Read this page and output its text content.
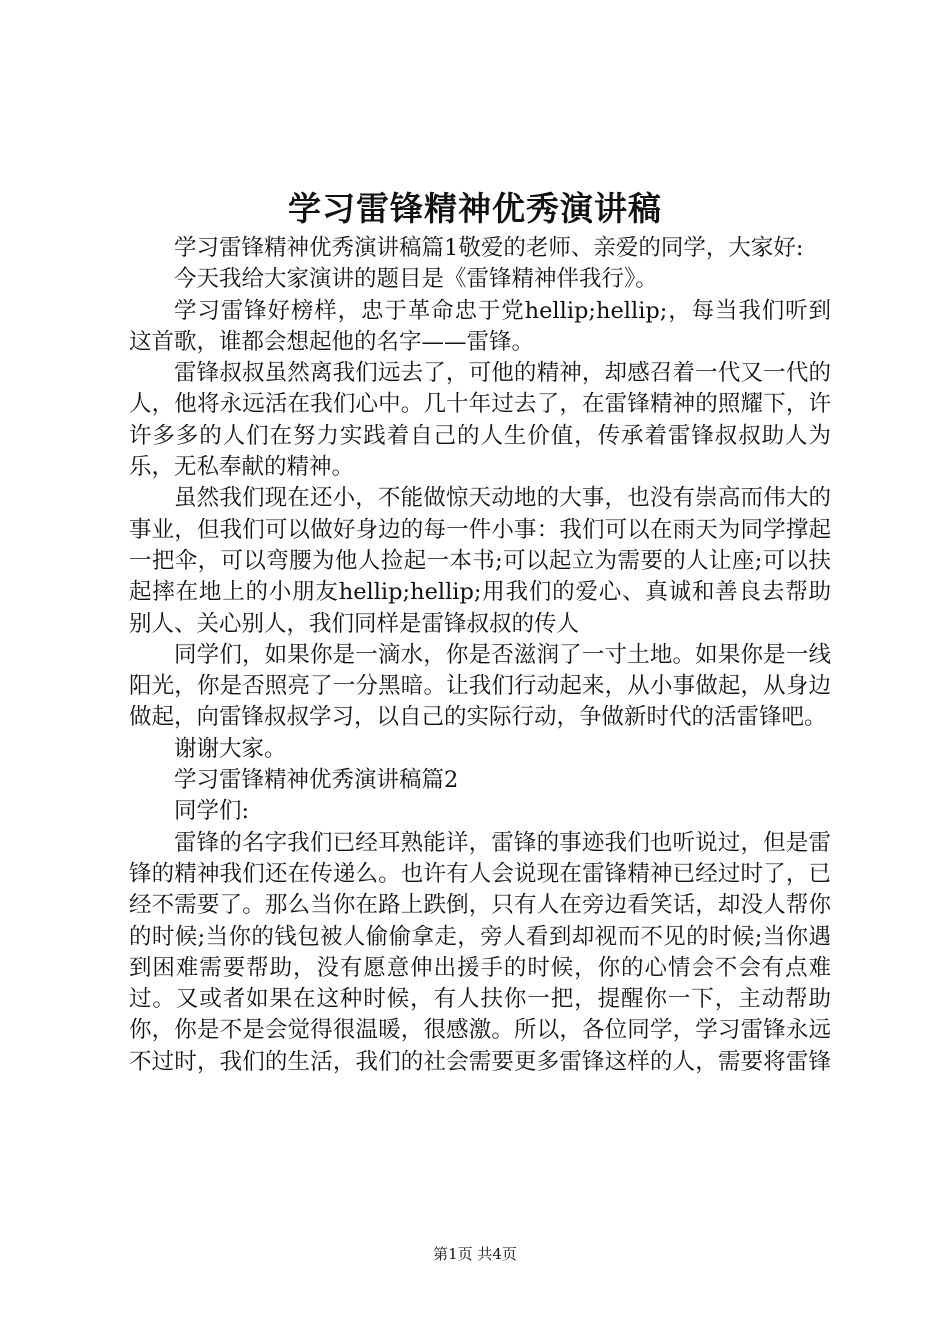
学习雷锋精神优秀演讲稿

学习雷锋精神优秀演讲稿篇1敬爱的老师、亲爱的同学，大家好:

今天我给大家演讲的题目是《雷锋精神伴我行》。

学习雷锋好榜样，忠于革命忠于党hellip;hellip;，每当我们听到这首歌，谁都会想起他的名字——雷锋。

雷锋叔叔虽然离我们远去了，可他的精神，却感召着一代又一代的人，他将永远活在我们心中。几十年过去了，在雷锋精神的照耀下，许许多多的人们在努力实践着自己的人生价值，传承着雷锋叔叔助人为乐，无私奉献的精神。

虽然我们现在还小，不能做惊天动地的大事，也没有崇高而伟大的事业，但我们可以做好身边的每一件小事：我们可以在雨天为同学撑起一把伞，可以弯腰为他人捡起一本书;可以起立为需要的人让座;可以扶起摔在地上的小朋友hellip;hellip;用我们的爱心、真诚和善良去帮助别人、关心别人，我们同样是雷锋叔叔的传人

同学们，如果你是一滴水，你是否滋润了一寸土地。如果你是一线阳光，你是否照亮了一分黑暗。让我们行动起来，从小事做起，从身边做起，向雷锋叔叔学习，以自己的实际行动，争做新时代的活雷锋吧。

谢谢大家。

学习雷锋精神优秀演讲稿篇2

同学们:

雷锋的名字我们已经耳熟能详，雷锋的事迹我们也听说过，但是雷锋的精神我们还在传递么。也许有人会说现在雷锋精神已经过时了，已经不需要了。那么当你在路上跌倒，只有人在旁边看笑话，却没人帮你的时候;当你的钱包被人偷偷拿走，旁人看到却视而不见的时候;当你遇到困难需要帮助，没有愿意伸出援手的时候，你的心情会不会有点难过。又或者如果在这种时候，有人扶你一把，提醒你一下，主动帮助你，你是不是会觉得很温暖，很感激。所以，各位同学，学习雷锋永远不过时，我们的生活，我们的社会需要更多雷锋这样的人，需要将雷锋

第1页 共4页
